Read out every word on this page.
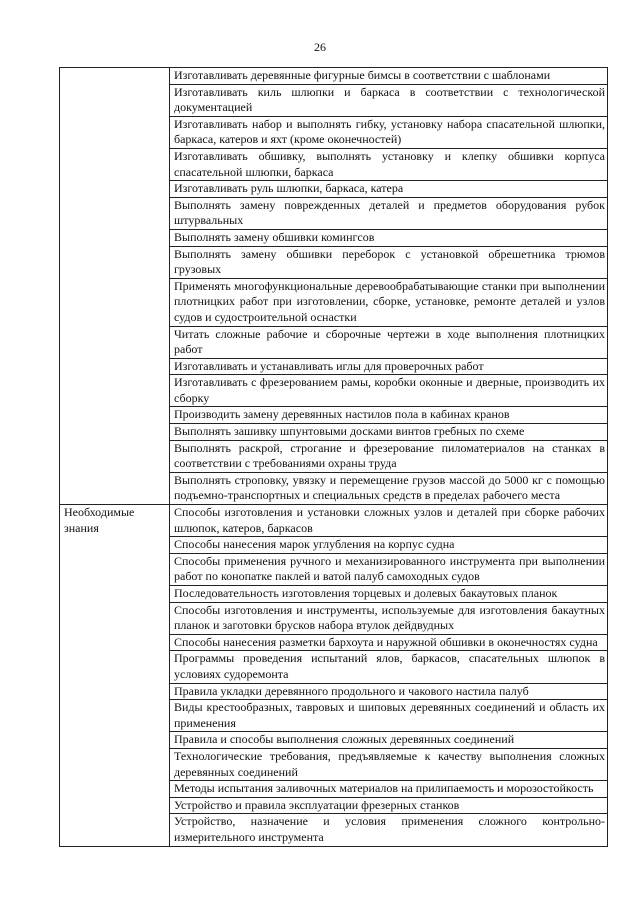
26
	Изготавливать деревянные фигурные бимсы в соответствии с шаблонами
	Изготавливать киль шлюпки и баркаса в соответствии с технологической документацией
	Изготавливать набор и выполнять гибку, установку набора спасательной шлюпки, баркаса, катеров и яхт (кроме оконечностей)
	Изготавливать обшивку, выполнять установку и клепку обшивки корпуса спасательной шлюпки, баркаса
	Изготавливать руль шлюпки, баркаса, катера
	Выполнять замену поврежденных деталей и предметов оборудования рубок штурвальных
	Выполнять замену обшивки комингсов
	Выполнять замену обшивки переборок с установкой обрешетника трюмов грузовых
	Применять многофункциональные деревообрабатывающие станки при выполнении плотницких работ при изготовлении, сборке, установке, ремонте деталей и узлов судов и судостроительной оснастки
	Читать сложные рабочие и сборочные чертежи в ходе выполнения плотницких работ
	Изготавливать и устанавливать иглы для проверочных работ
	Изготавливать с фрезерованием рамы, коробки оконные и дверные, производить их сборку
	Производить замену деревянных настилов пола в кабинах кранов
	Выполнять зашивку шпунтовыми досками винтов гребных по схеме
	Выполнять раскрой, строгание и фрезерование пиломатериалов на станках в соответствии с требованиями охраны труда
	Выполнять строповку, увязку и перемещение грузов массой до 5000 кг с помощью подъемно-транспортных и специальных средств в пределах рабочего места
Необходимые знания	Способы изготовления и установки сложных узлов и деталей при сборке рабочих шлюпок, катеров, баркасов
	Способы нанесения марок углубления на корпус судна
	Способы применения ручного и механизированного инструмента при выполнении работ по конопатке паклей и ватой палуб самоходных судов
	Последовательность изготовления торцевых и долевых бакаутовых планок
	Способы изготовления и инструменты, используемые для изготовления бакаутных планок и заготовки брусков набора втулок дейдвудных
	Способы нанесения разметки бархоута и наружной обшивки в оконечностях судна
	Программы проведения испытаний ялов, баркасов, спасательных шлюпок в условиях судоремонта
	Правила укладки деревянного продольного и чакового настила палуб
	Виды крестообразных, тавровых и шиповых деревянных соединений и область их применения
	Правила и способы выполнения сложных деревянных соединений
	Технологические требования, предъявляемые к качеству выполнения сложных деревянных соединений
	Методы испытания заливочных материалов на прилипаемость и морозостойкость
	Устройство и правила эксплуатации фрезерных станков
	Устройство, назначение и условия применения сложного контрольно-измерительного инструмента
